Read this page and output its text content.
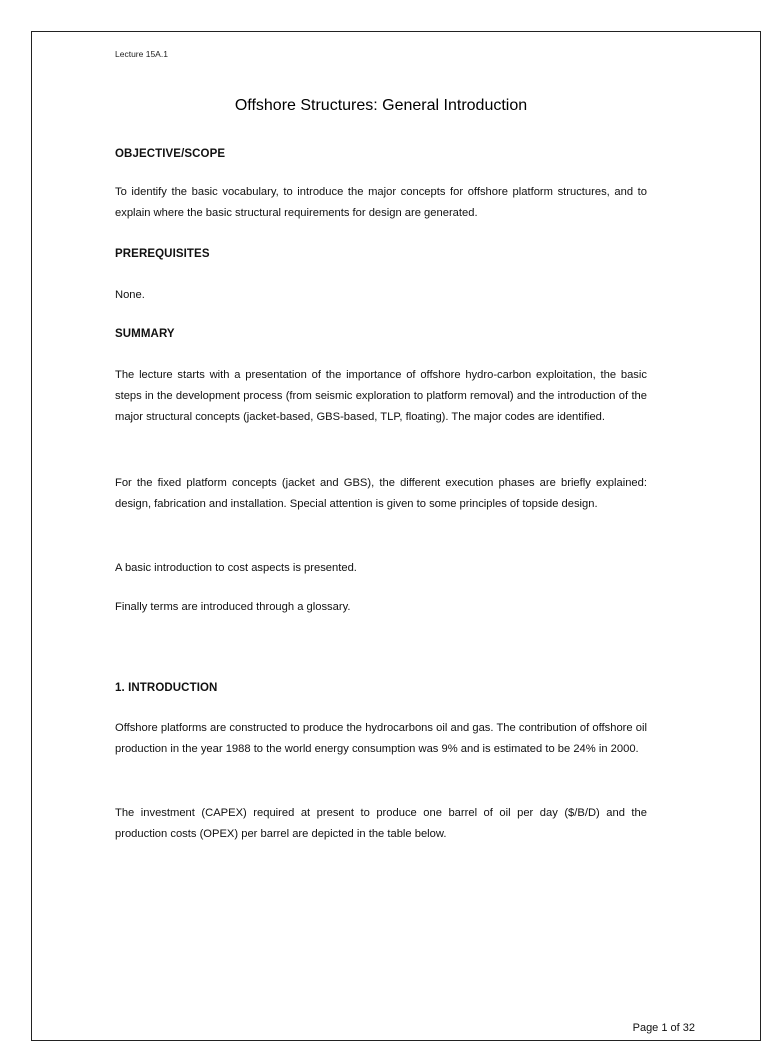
Lecture 15A.1
Offshore Structures: General Introduction
OBJECTIVE/SCOPE
To identify the basic vocabulary, to introduce the major concepts for offshore platform structures, and to explain where the basic structural requirements for design are generated.
PREREQUISITES
None.
SUMMARY
The lecture starts with a presentation of the importance of offshore hydro-carbon exploitation, the basic steps in the development process (from seismic exploration to platform removal) and the introduction of the major structural concepts (jacket-based, GBS-based, TLP, floating). The major codes are identified.
For the fixed platform concepts (jacket and GBS), the different execution phases are briefly explained: design, fabrication and installation. Special attention is given to some principles of topside design.
A basic introduction to cost aspects is presented.
Finally terms are introduced through a glossary.
1. INTRODUCTION
Offshore platforms are constructed to produce the hydrocarbons oil and gas. The contribution of offshore oil production in the year 1988 to the world energy consumption was 9% and is estimated to be 24% in 2000.
The investment (CAPEX) required at present to produce one barrel of oil per day ($/B/D) and the production costs (OPEX) per barrel are depicted in the table below.
Page 1 of 32
